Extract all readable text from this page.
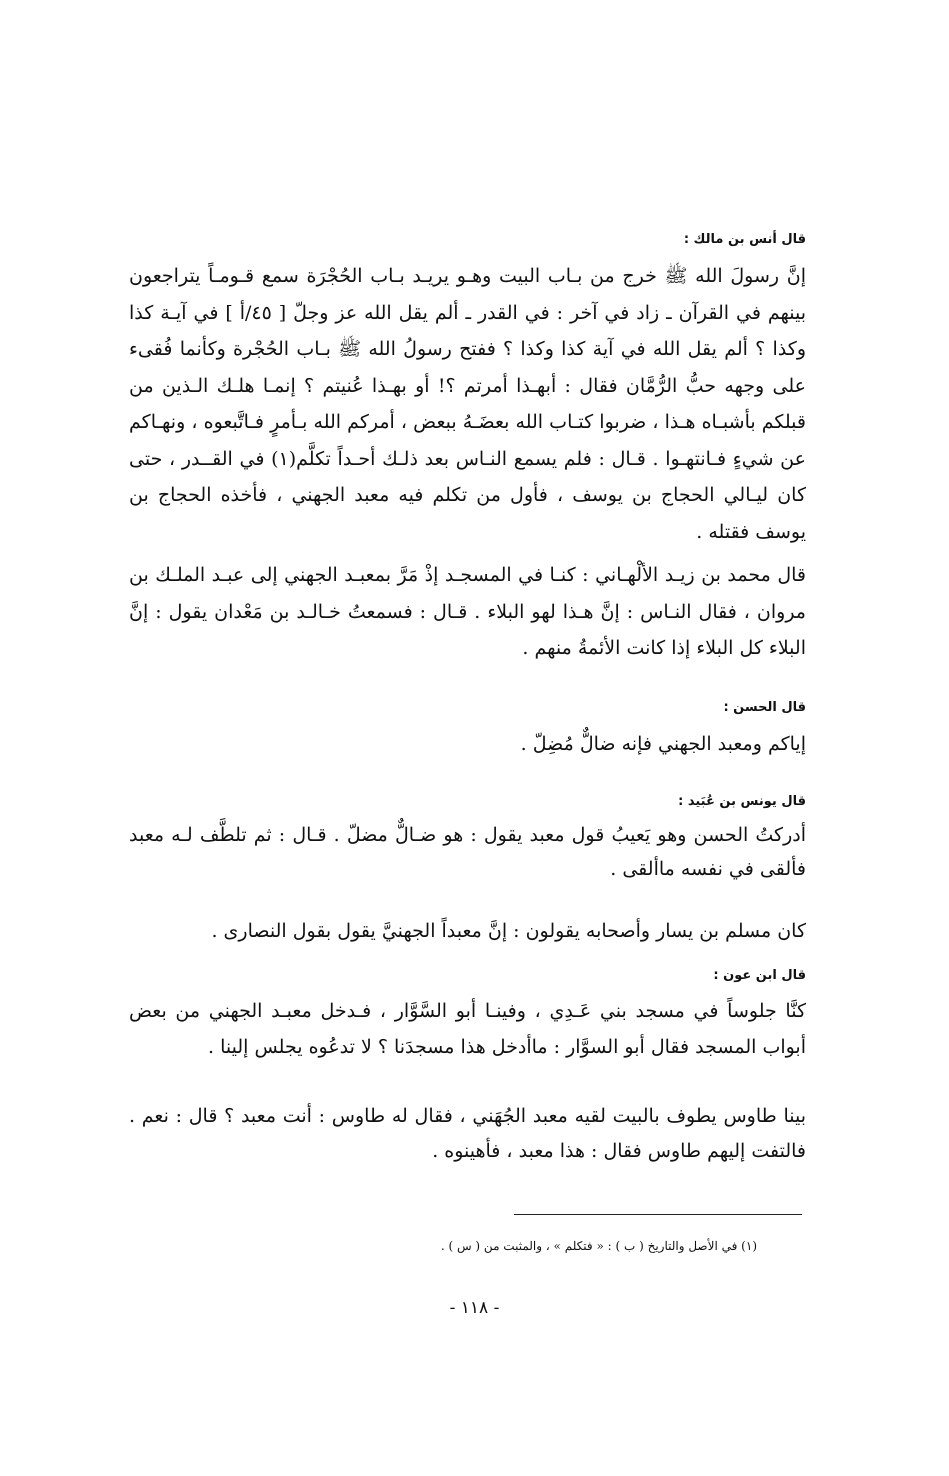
قال أنس بن مالك :
إنَّ رسولَ الله ﷺ خرج من بـاب البيت وهـو يريـد بـاب الحُجْرَة سمع قـومـاً يتراجعون بينهم في القرآن ـ زاد في آخر : في القدر ـ ألم يقل الله عز وجلّ [ ٤٥/أ ] في آيـة كذا وكذا ؟ ألم يقل الله في آية كذا وكذا ؟ ففتح رسولُ الله ﷺ بـاب الحُجْرة وكأنما فُقىء على وجهه حبُّ الرُّمَّان فقال : أبهـذا أمرتم ؟! أو بهـذا عُنيتم ؟ إنمـا هلـك الـذين من قبلكم بأشبـاه هـذا ، ضربوا كتـاب الله بعضَـهُ ببعض ، أمركم الله بـأمرٍ فـاتَّبعوه ، ونهـاكم عن شيءٍ فـانتهـوا . قـال : فلم يسمع النـاس بعد ذلـك أحـداً تكلَّم(١) في القــدر ، حتى كان ليـالي الحجاج بن يوسف ، فأول من تكلم فيه معبد الجهني ، فأخذه الحجاج بن يوسف فقتله .
قال محمد بن زيـد الألْهـاني : كنـا في المسجـد إذْ مَرَّ بمعبـد الجهني إلى عبـد الملـك بن مروان ، فقال النـاس : إنَّ هـذا لهو البلاء . قـال : فسمعتُ خـالـد بن مَعْدان يقول : إنَّ البلاء كل البلاء إذا كانت الأئمةُ منهم .
قال الحسن :
إياكم ومعبد الجهني فإنه ضالٌّ مُضِلّ .
قال يونس بن عُبَيد :
أدركتُ الحسن وهو يَعيبُ قول معبد يقول : هو ضـالٌّ مضلّ . قـال : ثم تلطَّف لـه معبد فألقى في نفسه ماألقى .
كان مسلم بن يسار وأصحابه يقولون : إنَّ معبداً الجهنيَّ يقول بقول النصارى .
قال ابن عون :
كنَّا جلوساً في مسجد بني عَـدِي ، وفينـا أبو السَّوَّار ، فـدخل معبـد الجهني من بعض أبواب المسجد فقال أبو السوَّار : ماأدخل هذا مسجدَنا ؟ لا تدعُوه يجلس إلينا .
بينا طاوس يطوف بالبيت لقيه معبد الجُهَني ، فقال له طاوس : أنت معبد ؟ قال : نعم . فالتفت إليهم طاوس فقال : هذا معبد ، فأهينوه .
(١) في الأصل والتاريخ ( ب ) : « فتكلم » ، والمثبت من ( س ) .
- ١١٨ -
